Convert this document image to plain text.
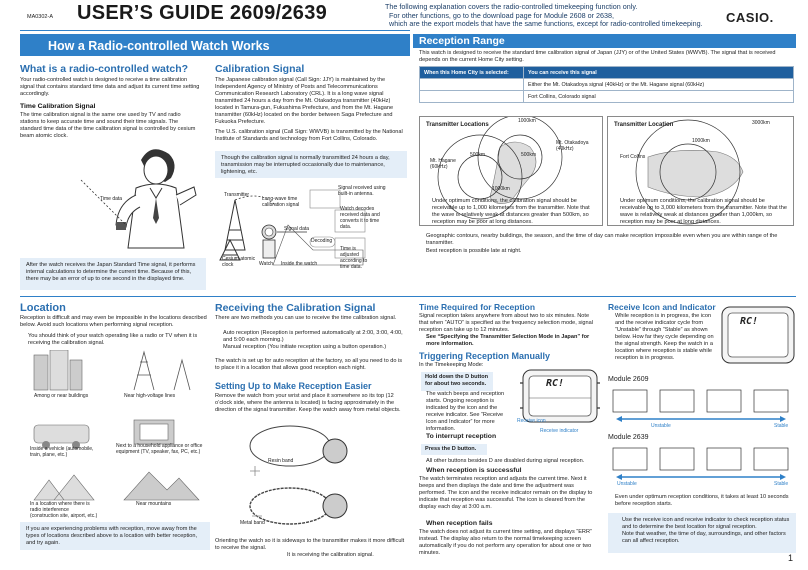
MA0302-A USER’S GUIDE 2609/2639	The following explanation covers the radio-controlled timekeeping function only.
For other functions, go to the download page for Module 2608 or 2638,
which are the export models that have the same functions, except for radio-controlled timekeeping. CASIO.
How a Radio-controlled Watch Works
What is a radio-controlled watch?
Your radio-controlled watch is designed to receive a time calibration signal that contains standard time data and adjust its current time setting accordingly.
Time Calibration Signal
The time calibration signal is the same one used by TV and radio stations to keep accurate time and sound their time signals. The standard time data of the time calibration signal is controlled by cesium beam atomic clock.
Time data
After the watch receives the Japan Standard Time signal, it performs internal calculations to determine the current time. Because of this, there may be an error of up to one second in the displayed time.
Calibration Signal
The Japanese calibration signal (Call Sign: JJY) is maintained by the Independent Agency of Ministry of Posts and Telecommunications Communication Research Laboratory (CRL). It is a long wave signal transmitted 24 hours a day from the Mt. Otakadoya transmitter (40kHz) located in Tamura-gun, Fukushima Prefecture, and from the Mt. Hagane transmitter (60kHz) located on the border between Saga Prefecture and Fukuoka Prefecture.
The U.S. calibration signal (Call Sign: WWVB) is transmitted by the National Institute of Standards and technology from Fort Collins, Colorado.
Though the calibration signal is normally transmitted 24 hours a day, transmission may be interrupted occasionally due to maintenance, lightening, etc.
Transmitter
Long-wave time calibration signal
Signal received using built-in antenna.
Watch decodes received data and converts it to time data.
Signal data
Decoding
Time is adjusted according to time data.
Cesium atomic clock	Watch Inside the watch
Reception Range
This watch is designed to receive the standard time calibration signal of Japan (JJY) or of the United States (WWVB). The signal that is received depends on the current Home City setting.
When this Home City is selected:	You can receive this signal
	Either the Mt. Otakadoya signal (40kHz) or the Mt. Hagane signal (60kHz)
	Fort Collins, Colorado signal
Transmitter Locations
1000km
500km	500km
1000km
Mt. Otakadoya (40kHz)
Mt. Hagane (60kHz)
Under optimum conditions, the calibration signal should be receivable up to 1,000 kilometers from the transmitter. Note that the wave is relatively weak at distances greater than 500km, so reception may be poor at long distances.
Transmitter Location	3000km
1000km
Fort Collins
Under optimum conditions, the calibration signal should be receivable up to 3,000 kilometers from the transmitter. Note that the wave is relatively weak at distances greater than 1,000km, so reception may be poor at long distances.
Geographic contours, nearby buildings, the season, and the time of day can make reception impossible even when you are within range of the transmitter.
Best reception is possible late at night.
Location
Reception is difficult and may even be impossible in the locations described below. Avoid such locations when performing signal reception.
You should think of your watch operating like a radio or TV when it is receiving the calibration signal.
Among or near buildings	Near high-voltage lines
Inside a vehicle (automobile, train, plane, etc.)
Next to a household appliance or office equipment (TV, speaker, fax, PC, etc.)
In a location where there is radio interference (construction site, airport, etc.)
Near mountains
If you are experiencing problems with reception, move away from the types of locations described above to a location with better reception, and try again.
Receiving the Calibration Signal
There are two methods you can use to receive the time calibration signal.
Auto reception (Reception is performed automatically at 2:00, 3:00, 4:00, and 5:00 each morning.)
Manual reception (You initiate reception using a button operation.)
The watch is set up for auto reception at the factory, so all you need to do is to place it in a location that allows good reception each night.
Setting Up to Make Reception Easier
Remove the watch from your wrist and place it somewhere so its top (12 o’clock side, where the antenna is located) is facing approximately in the direction of the signal transmitter. Keep the watch away from metal objects.
Resin band
Metal band
Orienting the watch so it is sideways to the transmitter makes it more difficult to receive the signal.
It is receiving the calibration signal.
Time Required for Reception
Signal reception takes anywhere from about two to six minutes. Note that when “AUTO” is specified as the frequency selection mode, signal reception can take up to 12 minutes.
See “Specifying the Transmitter Selection Mode in Japan” for more information.
Triggering Reception Manually
In the Timekeeping Mode:
Hold down the D button for about two seconds.
The watch beeps and reception starts. Ongoing reception is indicated by the icon and the receive indicator. See “Receive Icon and Indicator” for more information.
RC!
Receive icon
Receive indicator
To interrupt reception
Press the D button.
All other buttons besides D are disabled during signal reception.
When reception is successful
The watch terminates reception and adjusts the current time. Next it beeps and then displays the date and time the adjustment was performed. The icon and the receive indicator remain on the display to indicate that reception was successful. The icon is cleared from the display each day at 3:00 a.m.
When reception fails
The watch does not adjust its current time setting, and displays “ERR” instead. The display also return to the normal timekeeping screen automatically if you do not perform any operation for about one or two minutes.
Receive Icon and Indicator
While reception is in progress, the icon and the receive indicator cycle from “Unstable” through “Stable” as shown below. How far they cycle depending on the signal strength. Keep the watch in a location where reception is stable while reception is in progress.
RC!
Module 2609
Unstable	Stable
Module 2639
Unstable	Stable
Even under optimum reception conditions, it takes at least 10 seconds before reception starts.
Use the receive icon and receive indicator to check reception status and to determine the best location for signal reception.
Note that weather, the time of day, surroundings, and other factors can all affect reception.
1
